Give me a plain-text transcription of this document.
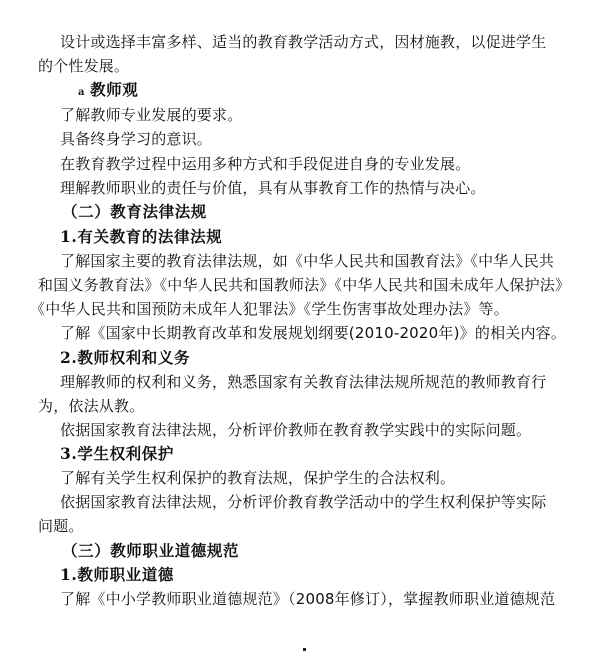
设计或选择丰富多样、适当的教育教学活动方式，因材施教，以促进学生
的个性发展。
a 教师观
了解教师专业发展的要求。
具备终身学习的意识。
在教育教学过程中运用多种方式和手段促进自身的专业发展。
理解教师职业的责任与价值，具有从事教育工作的热情与决心。
（二）教育法律法规
1.有关教育的法律法规
了解国家主要的教育法律法规，如《中华人民共和国教育法》《中华人民共
和国义务教育法》《中华人民共和国教师法》《中华人民共和国未成年人保护法》
《中华人民共和国预防未成年人犯罪法》《学生伤害事故处理办法》等。
了解《国家中长期教育改革和发展规划纲要(2010-2020年)》的相关内容。
2.教师权利和义务
理解教师的权利和义务，熟悉国家有关教育法律法规所规范的教师教育行
为，依法从教。
依据国家教育法律法规，分析评价教师在教育教学实践中的实际问题。
3.学生权利保护
了解有关学生权利保护的教育法规，保护学生的合法权利。
依据国家教育法律法规，分析评价教育教学活动中的学生权利保护等实际
问题。
（三）教师职业道德规范
1.教师职业道德
了解《中小学教师职业道德规范》（2008年修订），掌握教师职业道德规范
